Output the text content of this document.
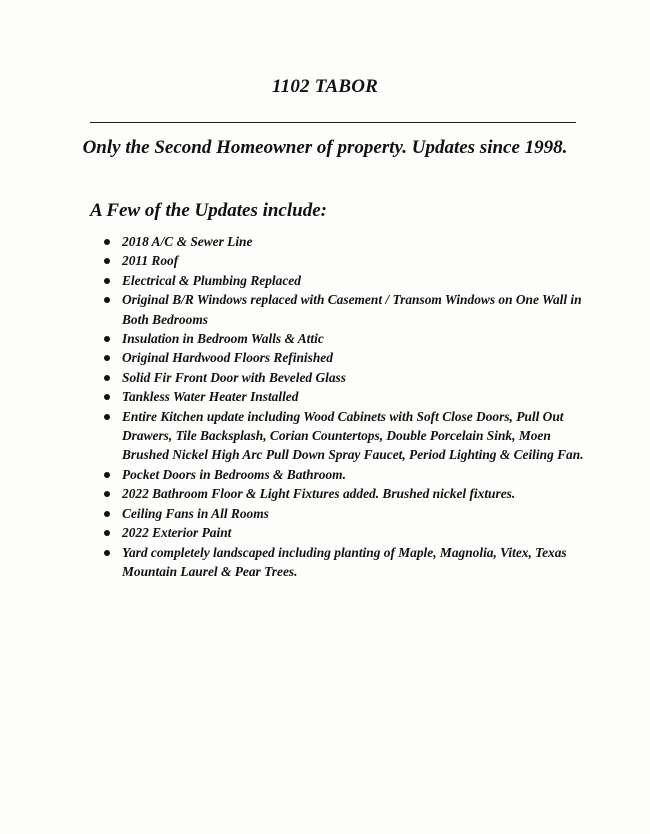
1102 TABOR
Only the Second Homeowner of property. Updates since 1998.
A Few of the Updates include:
2018 A/C & Sewer Line
2011 Roof
Electrical & Plumbing Replaced
Original B/R Windows replaced with Casement / Transom Windows on One Wall in Both Bedrooms
Insulation in Bedroom Walls & Attic
Original Hardwood Floors Refinished
Solid Fir Front Door with Beveled Glass
Tankless Water Heater Installed
Entire Kitchen update including Wood Cabinets with Soft Close Doors, Pull Out Drawers, Tile Backsplash, Corian Countertops, Double Porcelain Sink, Moen Brushed Nickel High Arc Pull Down Spray Faucet, Period Lighting & Ceiling Fan.
Pocket Doors in Bedrooms & Bathroom.
2022 Bathroom Floor & Light Fixtures added. Brushed nickel fixtures.
Ceiling Fans in All Rooms
2022 Exterior Paint
Yard completely landscaped including planting of Maple, Magnolia, Vitex, Texas Mountain Laurel & Pear Trees.
